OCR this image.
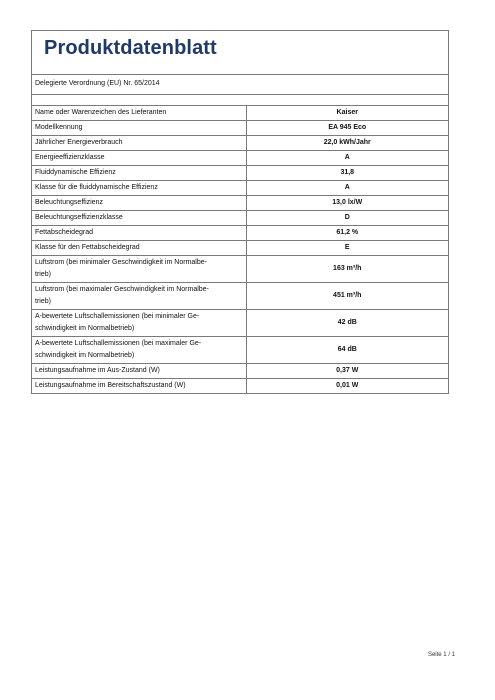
Produktdatenblatt
Delegierte Verordnung (EU) Nr. 65/2014
Name oder Warenzeichen des Lieferanten	Kaiser
Modellkennung	EA 945 Eco
Jährlicher Energieverbrauch	22,0 kWh/Jahr
Energieeffizienzklasse	A
Fluiddynamische Effizienz	31,8
Klasse für die fluiddynamische Effizienz	A
Beleuchtungseffizienz	13,0 lx/W
Beleuchtungseffizienzklasse	D
Fettabscheidegrad	61,2 %
Klasse für den Fettabscheidegrad	E
Luftstrom (bei minimaler Geschwindigkeit im Normalbe-
trieb)	163 m³/h
Luftstrom (bei maximaler Geschwindigkeit im Normalbe-
trieb)	451 m³/h
A-bewertete Luftschallemissionen (bei minimaler Ge-
schwindigkeit im Normalbetrieb)	42 dB
A-bewertete Luftschallemissionen (bei maximaler Ge-
schwindigkeit im Normalbetrieb)	64 dB
Leistungsaufnahme im Aus-Zustand (W)	0,37 W
Leistungsaufnahme im Bereitschaftszustand (W)	0,01 W
Seite 1 / 1
